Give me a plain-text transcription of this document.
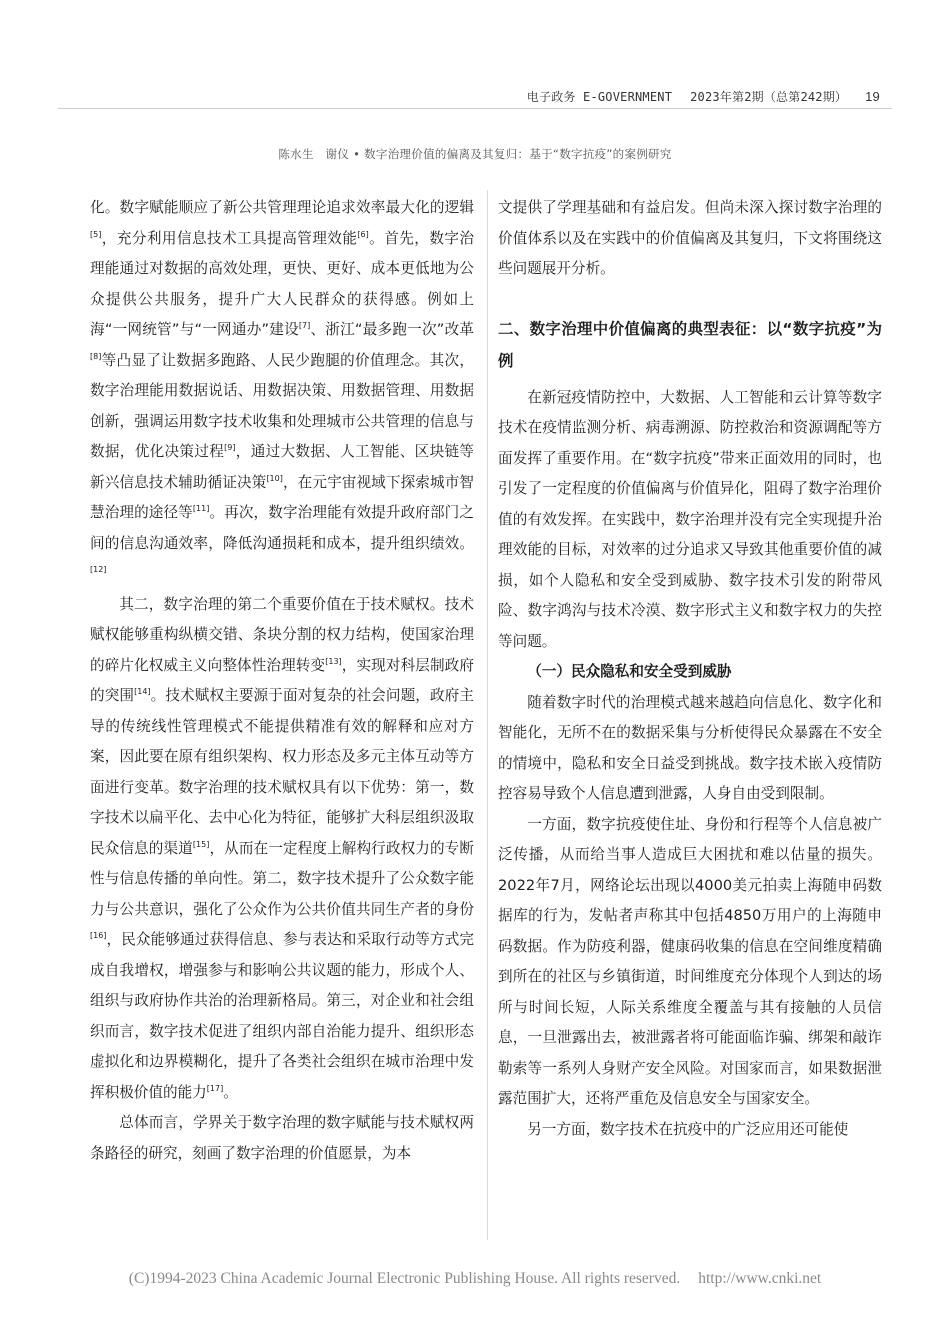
电子政务 E-GOVERNMENT 2023年第2期（总第242期） 19
陈水生　谢仪 • 数字治理价值的偏离及其复归：基于“数字抗疫”的案例研究

化。数字赋能顺应了新公共管理理论追求效率最大化的逻辑[5]，充分利用信息技术工具提高管理效能[6]。首先，数字治理能通过对数据的高效处理，更快、更好、成本更低地为公众提供公共服务，提升广大人民群众的获得感。例如上海“一网统管”与“一网通办”建设[7]、浙江“最多跑一次”改革[8]等凸显了让数据多跑路、人民少跑腿的价值理念。其次，数字治理能用数据说话、用数据决策、用数据管理、用数据创新，强调运用数字技术收集和处理城市公共管理的信息与数据，优化决策过程[9]，通过大数据、人工智能、区块链等新兴信息技术辅助循证决策[10]，在元宇宙视域下探索城市智慧治理的途径等[11]。再次，数字治理能有效提升政府部门之间的信息沟通效率，降低沟通损耗和成本，提升组织绩效。[12]

其二，数字治理的第二个重要价值在于技术赋权。技术赋权能够重构纵横交错、条块分割的权力结构，使国家治理的碎片化权威主义向整体性治理转变[13]，实现对科层制政府的突围[14]。技术赋权主要源于面对复杂的社会问题，政府主导的传统线性管理模式不能提供精准有效的解释和应对方案，因此要在原有组织架构、权力形态及多元主体互动等方面进行变革。数字治理的技术赋权具有以下优势：第一，数字技术以扁平化、去中心化为特征，能够扩大科层组织汲取民众信息的渠道[15]，从而在一定程度上解构行政权力的专断性与信息传播的单向性。第二，数字技术提升了公众数字能力与公共意识，强化了公众作为公共价值共同生产者的身份[16]，民众能够通过获得信息、参与表达和采取行动等方式完成自我增权，增强参与和影响公共议题的能力，形成个人、组织与政府协作共治的治理新格局。第三，对企业和社会组织而言，数字技术促进了组织内部自治能力提升、组织形态虚拟化和边界模糊化，提升了各类社会组织在城市治理中发挥积极价值的能力[17]。

总体而言，学界关于数字治理的数字赋能与技术赋权两条路径的研究，刻画了数字治理的价值愿景，为本

文提供了学理基础和有益启发。但尚未深入探讨数字治理的价值体系以及在实践中的价值偏离及其复归，下文将围绕这些问题展开分析。

二、数字治理中价值偏离的典型表征：以“数字抗疫”为例

在新冠疫情防控中，大数据、人工智能和云计算等数字技术在疫情监测分析、病毒溯源、防控救治和资源调配等方面发挥了重要作用。在“数字抗疫”带来正面效用的同时，也引发了一定程度的价值偏离与价值异化，阻碍了数字治理价值的有效发挥。在实践中，数字治理并没有完全实现提升治理效能的目标，对效率的过分追求又导致其他重要价值的减损，如个人隐私和安全受到威胁、数字技术引发的附带风险、数字鸿沟与技术冷漠、数字形式主义和数字权力的失控等问题。

（一）民众隐私和安全受到威胁

随着数字时代的治理模式越来越趋向信息化、数字化和智能化，无所不在的数据采集与分析使得民众暴露在不安全的情境中，隐私和安全日益受到挑战。数字技术嵌入疫情防控容易导致个人信息遭到泄露，人身自由受到限制。

一方面，数字抗疫使住址、身份和行程等个人信息被广泛传播，从而给当事人造成巨大困扰和难以估量的损失。2022年7月，网络论坛出现以4000美元拍卖上海随申码数据库的行为，发帖者声称其中包括4850万用户的上海随申码数据。作为防疫利器，健康码收集的信息在空间维度精确到所在的社区与乡镇街道，时间维度充分体现个人到达的场所与时间长短，人际关系维度全覆盖与其有接触的人员信息，一旦泄露出去，被泄露者将可能面临诈骗、绑架和敲诈勒索等一系列人身财产安全风险。对国家而言，如果数据泄露范围扩大，还将严重危及信息安全与国家安全。

另一方面，数字技术在抗疫中的广泛应用还可能使

(C)1994-2023 China Academic Journal Electronic Publishing House. All rights reserved. http://www.cnki.net
